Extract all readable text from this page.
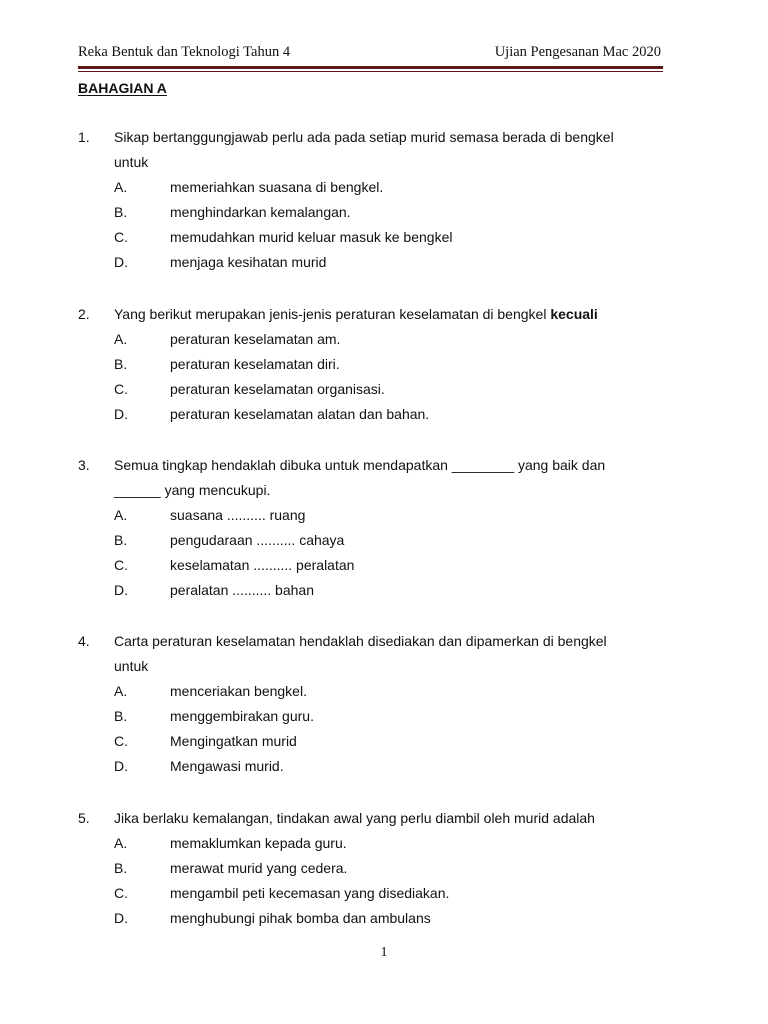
Reka Bentuk dan Teknologi Tahun 4	Ujian Pengesanan Mac 2020
BAHAGIAN A
1. Sikap bertanggungjawab perlu ada pada setiap murid semasa berada di bengkel
untuk
A.	memeriahkan suasana di bengkel.
B.	menghindarkan kemalangan.
C.	memudahkan murid keluar masuk ke bengkel
D.	menjaga kesihatan murid
2. Yang berikut merupakan jenis-jenis peraturan keselamatan di bengkel kecuali
A.	peraturan keselamatan am.
B.	peraturan keselamatan diri.
C.	peraturan keselamatan organisasi.
D.	peraturan keselamatan alatan dan bahan.
3. Semua tingkap hendaklah dibuka untuk mendapatkan ________ yang baik dan
______ yang mencukupi.
A.	suasana .......... ruang
B.	pengudaraan .......... cahaya
C.	keselamatan .......... peralatan
D.	peralatan .......... bahan
4. Carta peraturan keselamatan hendaklah disediakan dan dipamerkan di bengkel
untuk
A.	menceriakan bengkel.
B.	menggembirakan guru.
C.	Mengingatkan murid
D.	Mengawasi murid.
5. Jika berlaku kemalangan, tindakan awal yang perlu diambil oleh murid adalah
A.	memaklumkan kepada guru.
B.	merawat murid yang cedera.
C.	mengambil peti kecemasan yang disediakan.
D.	menghubungi pihak bomba dan ambulans
1
